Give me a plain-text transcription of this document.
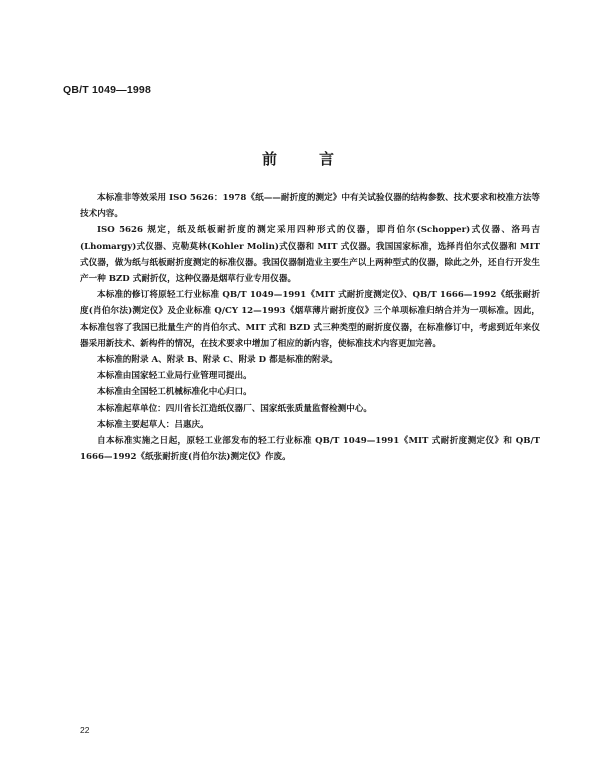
QB/T 1049—1998
前言

本标准非等效采用 ISO 5626：1978《纸——耐折度的测定》中有关试验仪器的结构参数、技术要求和校准方法等技术内容。

ISO 5626 规定，纸及纸板耐折度的测定采用四种形式的仪器，即肖伯尔(Schopper)式仪器、洛玛吉(Lhomargy)式仪器、克勒莫林(Kohler Molin)式仪器和 MIT 式仪器。我国国家标准，选择肖伯尔式仪器和 MIT 式仪器，做为纸与纸板耐折度测定的标准仪器。我国仪器制造业主要生产以上两种型式的仪器，除此之外，还自行开发生产一种 BZD 式耐折仪，这种仪器是烟草行业专用仪器。

本标准的修订将原轻工行业标准 QB/T 1049—1991《MIT 式耐折度测定仪》、QB/T 1666—1992《纸张耐折度(肖伯尔法)测定仪》及企业标准 Q/CY 12—1993《烟草薄片耐折度仪》三个单项标准归纳合并为一项标准。因此，本标准包容了我国已批量生产的肖伯尔式、MIT 式和 BZD 式三种类型的耐折度仪器，在标准修订中，考虑到近年来仪器采用新技术、新构件的情况，在技术要求中增加了相应的新内容，使标准技术内容更加完善。

本标准的附录 A、附录 B、附录 C、附录 D 都是标准的附录。

本标准由国家轻工业局行业管理司提出。

本标准由全国轻工机械标准化中心归口。

本标准起草单位：四川省长江造纸仪器厂、国家纸张质量监督检测中心。

本标准主要起草人：吕惠庆。

自本标准实施之日起，原轻工业部发布的轻工行业标准 QB/T 1049—1991《MIT 式耐折度测定仪》和 QB/T 1666—1992《纸张耐折度(肖伯尔法)测定仪》作废。

22
